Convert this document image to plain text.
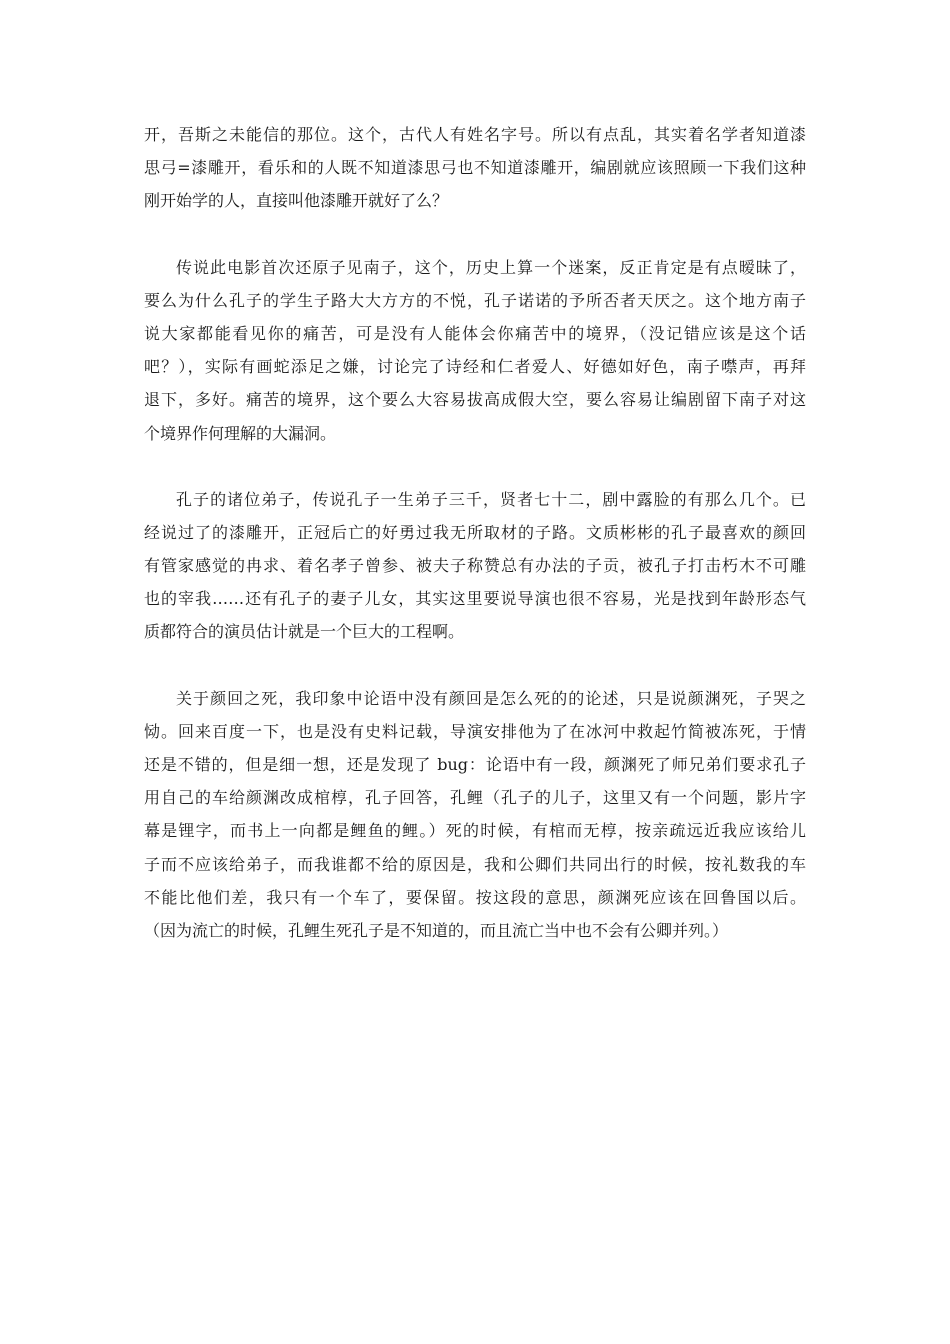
开，吾斯之未能信的那位。这个，古代人有姓名字号。所以有点乱，其实着名学者知道漆
思弓=漆雕开，看乐和的人既不知道漆思弓也不知道漆雕开，编剧就应该照顾一下我们这种
刚开始学的人，直接叫他漆雕开就好了么？
传说此电影首次还原子见南子，这个，历史上算一个迷案，反正肯定是有点暧昧了，
要么为什么孔子的学生子路大大方方的不悦，孔子诺诺的予所否者天厌之。这个地方南子
说大家都能看见你的痛苦，可是没有人能体会你痛苦中的境界，（没记错应该是这个话
吧？），实际有画蛇添足之嫌，讨论完了诗经和仁者爱人、好德如好色，南子噤声，再拜
退下，多好。痛苦的境界，这个要么大容易拔高成假大空，要么容易让编剧留下南子对这
个境界作何理解的大漏洞。
孔子的诸位弟子，传说孔子一生弟子三千，贤者七十二，剧中露脸的有那么几个。已
经说过了的漆雕开，正冠后亡的好勇过我无所取材的子路。文质彬彬的孔子最喜欢的颜回
有管家感觉的冉求、着名孝子曾参、被夫子称赞总有办法的子贡，被孔子打击朽木不可雕
也的宰我……还有孔子的妻子儿女，其实这里要说导演也很不容易，光是找到年龄形态气
质都符合的演员估计就是一个巨大的工程啊。
关于颜回之死，我印象中论语中没有颜回是怎么死的的论述，只是说颜渊死，子哭之
恸。回来百度一下，也是没有史料记载，导演安排他为了在冰河中救起竹简被冻死，于情
还是不错的，但是细一想，还是发现了 bug：论语中有一段，颜渊死了师兄弟们要求孔子
用自己的车给颜渊改成棺椁，孔子回答，孔鲤（孔子的儿子，这里又有一个问题，影片字
幕是锂字，而书上一向都是鲤鱼的鲤。）死的时候，有棺而无椁，按亲疏远近我应该给儿
子而不应该给弟子，而我谁都不给的原因是，我和公卿们共同出行的时候，按礼数我的车
不能比他们差，我只有一个车了，要保留。按这段的意思，颜渊死应该在回鲁国以后。
（因为流亡的时候，孔鲤生死孔子是不知道的，而且流亡当中也不会有公卿并列。）
